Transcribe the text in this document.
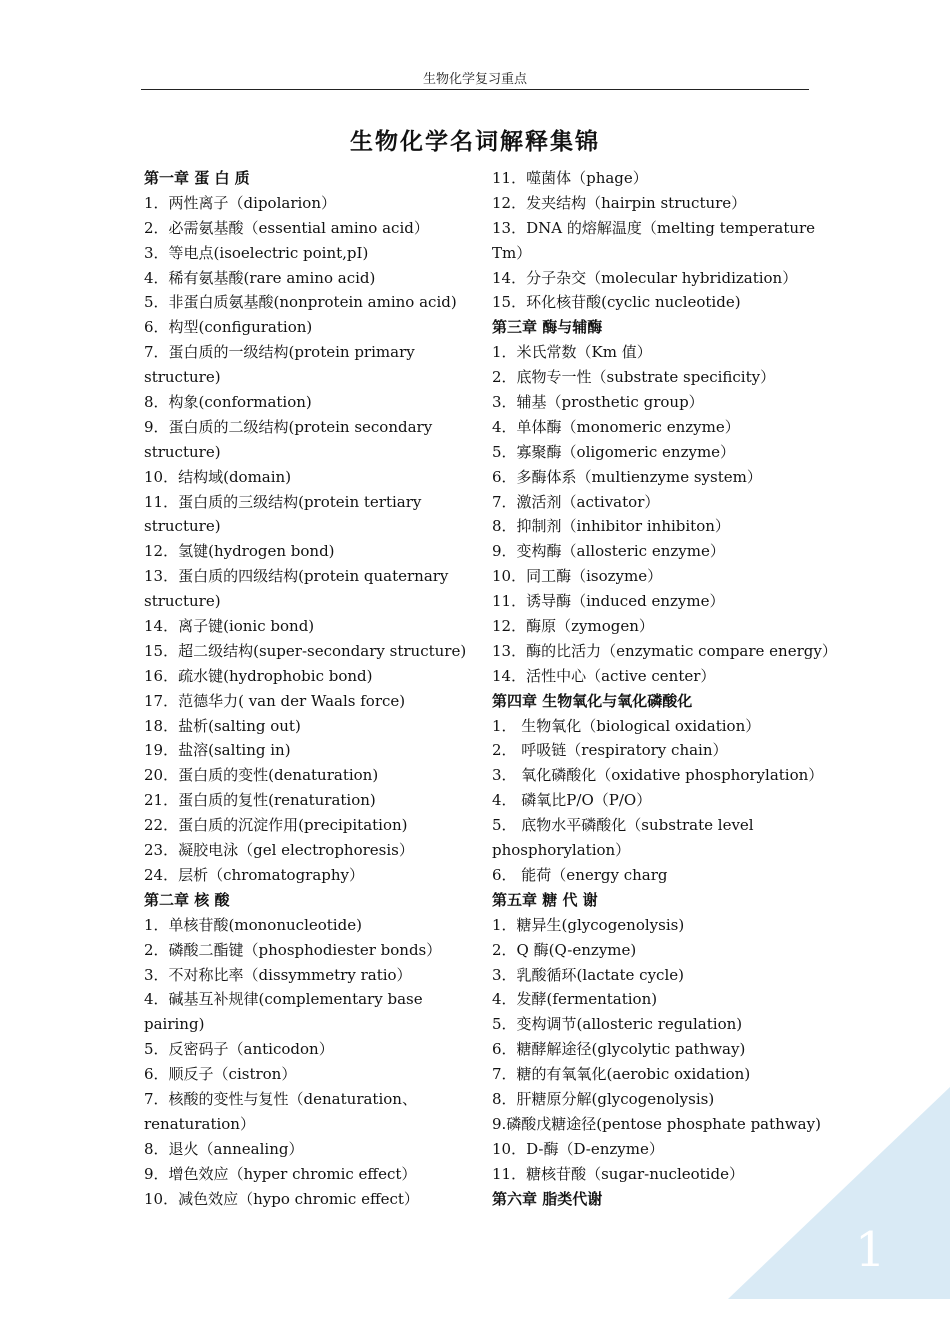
生物化学复习重点
生物化学名词解释集锦
第一章 蛋 白 质
1．两性离子（dipolarion）
2．必需氨基酸（essential amino acid）
3．等电点(isoelectric point,pI)
4．稀有氨基酸(rare amino acid)
5．非蛋白质氨基酸(nonprotein amino acid)
6．构型(configuration)
7．蛋白质的一级结构(protein primary
structure)
8．构象(conformation)
9．蛋白质的二级结构(protein secondary
structure)
10．结构域(domain)
11．蛋白质的三级结构(protein tertiary
structure)
12．氢键(hydrogen bond)
13．蛋白质的四级结构(protein quaternary
structure)
14．离子键(ionic bond)
15．超二级结构(super-secondary structure)
16．疏水键(hydrophobic bond)
17．范德华力( van der Waals force)
18．盐析(salting out)
19．盐溶(salting in)
20．蛋白质的变性(denaturation)
21．蛋白质的复性(renaturation)
22．蛋白质的沉淀作用(precipitation)
23．凝胶电泳（gel electrophoresis）
24．层析（chromatography）
第二章 核 酸
1．单核苷酸(mononucleotide)
2．磷酸二酯键（phosphodiester bonds）
3．不对称比率（dissymmetry ratio）
4．碱基互补规律(complementary base
pairing)
5．反密码子（anticodon）
6．顺反子（cistron）
7．核酸的变性与复性（denaturation、
renaturation）
8．退火（annealing）
9．增色效应（hyper chromic effect）
10．减色效应（hypo chromic effect）
11．噬菌体（phage）
12．发夹结构（hairpin structure）
13．DNA 的熔解温度（melting temperature
Tm）
14．分子杂交（molecular hybridization）
15．环化核苷酸(cyclic nucleotide)
第三章 酶与辅酶
1．米氏常数（Km 值）
2．底物专一性（substrate specificity）
3．辅基（prosthetic group）
4．单体酶（monomeric enzyme）
5．寡聚酶（oligomeric enzyme）
6．多酶体系（multienzyme system）
7．激活剂（activator）
8．抑制剂（inhibitor inhibiton）
9．变构酶（allosteric enzyme）
10．同工酶（isozyme）
11．诱导酶（induced enzyme）
12．酶原（zymogen）
13．酶的比活力（enzymatic compare energy）
14．活性中心（active center）
第四章 生物氧化与氧化磷酸化
1． 生物氧化（biological oxidation）
2． 呼吸链（respiratory chain）
3． 氧化磷酸化（oxidative phosphorylation）
4． 磷氧比P/O（P/O）
5． 底物水平磷酸化（substrate level
phosphorylation）
6． 能荷（energy charg
第五章 糖 代 谢
1．糖异生(glycogenolysis)
2．Q 酶(Q-enzyme)
3．乳酸循环(lactate cycle)
4．发酵(fermentation)
5．变构调节(allosteric regulation)
6．糖酵解途径(glycolytic pathway)
7．糖的有氧氧化(aerobic oxidation)
8．肝糖原分解(glycogenolysis)
9.磷酸戊糖途径(pentose phosphate pathway)
10．D-酶（D-enzyme）
11．糖核苷酸（sugar-nucleotide）
第六章 脂类代谢
1
